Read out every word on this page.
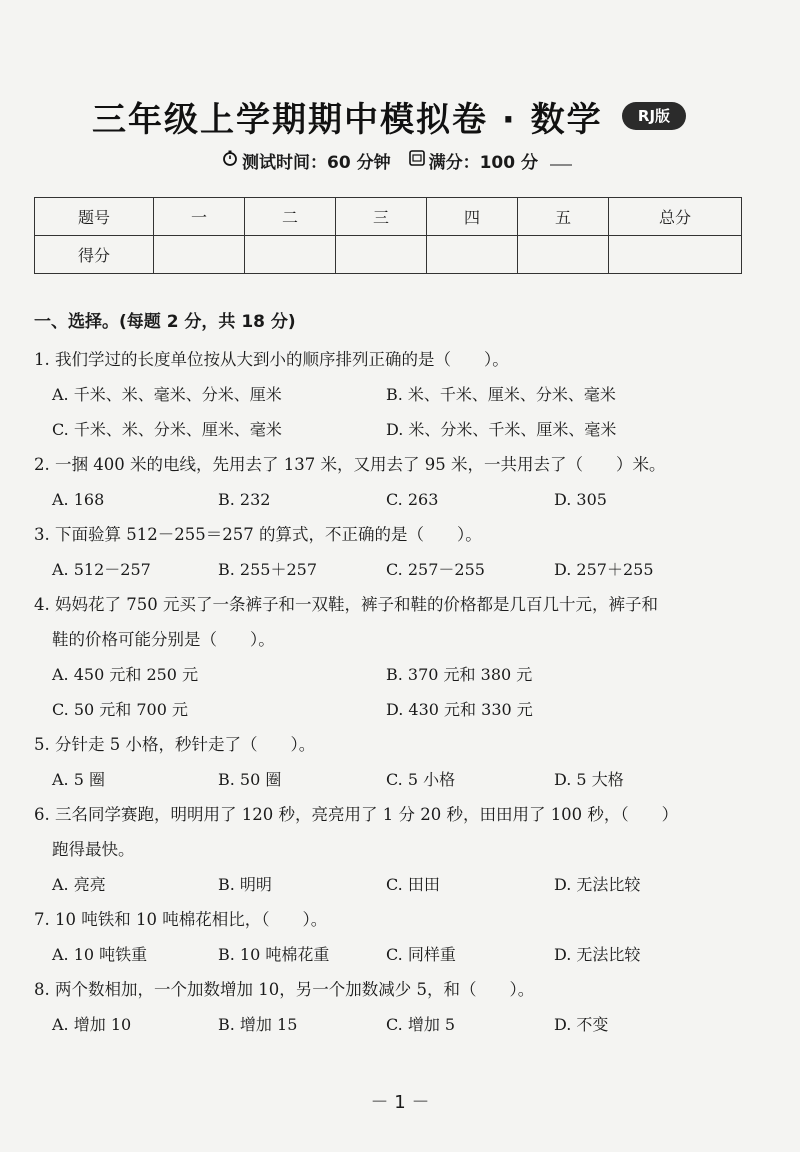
三年级上学期期中模拟卷 · 数学	RJ版
测试时间：60 分钟 满分：100 分
题号	一	二	三	四	五	总分
得分						
一、选择。(每题 2 分，共 18 分)
1. 我们学过的长度单位按从大到小的顺序排列正确的是（　　）。
A. 千米、米、毫米、分米、厘米	B. 米、千米、厘米、分米、毫米
C. 千米、米、分米、厘米、毫米	D. 米、分米、千米、厘米、毫米
2. 一捆 400 米的电线，先用去了 137 米，又用去了 95 米，一共用去了（　　）米。
A. 168	B. 232	C. 263	D. 305
3. 下面验算 512－255＝257 的算式，不正确的是（　　）。
A. 512－257	B. 255＋257	C. 257－255	D. 257＋255
4. 妈妈花了 750 元买了一条裤子和一双鞋，裤子和鞋的价格都是几百几十元，裤子和
鞋的价格可能分别是（　　）。
A. 450 元和 250 元	B. 370 元和 380 元
C. 50 元和 700 元	D. 430 元和 330 元
5. 分针走 5 小格，秒针走了（　　）。
A. 5 圈	B. 50 圈	C. 5 小格	D. 5 大格
6. 三名同学赛跑，明明用了 120 秒，亮亮用了 1 分 20 秒，田田用了 100 秒，（　　）
跑得最快。
A. 亮亮	B. 明明	C. 田田	D. 无法比较
7. 10 吨铁和 10 吨棉花相比，（　　）。
A. 10 吨铁重	B. 10 吨棉花重	C. 同样重	D. 无法比较
8. 两个数相加，一个加数增加 10，另一个加数减少 5，和（　　）。
A. 增加 10	B. 增加 15	C. 增加 5	D. 不变
－ 1 －
